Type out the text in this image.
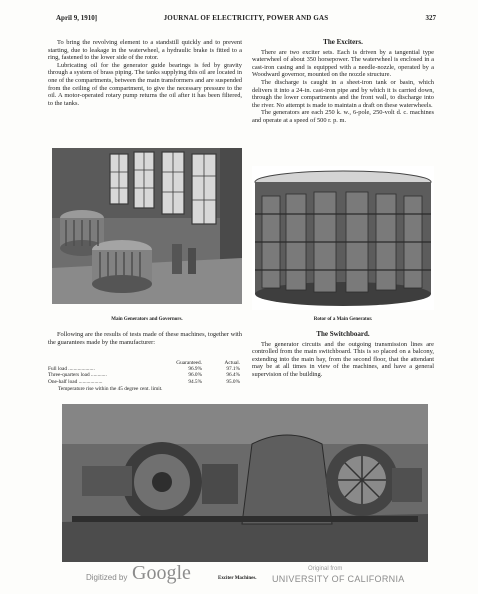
April 9, 1910]	JOURNAL OF ELECTRICITY, POWER AND GAS	327

To bring the revolving element to a standstill quickly and to prevent starting, due to leakage in the waterwheel, a hydraulic brake is fitted to a ring, fastened to the lower side of the rotor.

Lubricating oil for the generator guide bearings is fed by gravity through a system of brass piping. The tanks supplying this oil are located in one of the compartments, between the main transformers and are suspended from the ceiling of the compartment, to give the necessary pressure to the oil. A motor-operated rotary pump returns the oil after it has been filtered, to the tanks.

The Exciters.

There are two exciter sets. Each is driven by a tangential type waterwheel of about 350 horsepower. The waterwheel is enclosed in a cast-iron casing and is equipped with a needle-nozzle, operated by a Woodward governor, mounted on the nozzle structure.

The discharge is caught in a sheet-iron tank or basin, which delivers it into a 24-in. cast-iron pipe and by which it is carried down, through the lower compartments and the front wall, to discharge into the river. No attempt is made to maintain a draft on these waterwheels.

The generators are each 250 k. w., 6-pole, 250-volt d. c. machines and operate at a speed of 500 r. p. m.

Main Generators and Governors.	Rotor of a Main Generator.

Following are the results of tests made of these machines, together with the guarantees made by the manufacturer:

Guaranteed.	Actual.
Full load ....................	96.9%	97.1%
Three-quarters load ............	96.0%	96.4%
One-half load ..................	94.5%	95.0%
Temperature rise within the 45 degree cent. limit.
The Switchboard.

The generator circuits and the outgoing transmission lines are controlled from the main switchboard. This is so placed on a balcony, extending into the main bay, from the second floor, that the attendant may be at all times in view of the machines, and have a general supervision of the building.

Digitized by Google	Exciter Machines.
Original from
UNIVERSITY OF CALIFORNIA
